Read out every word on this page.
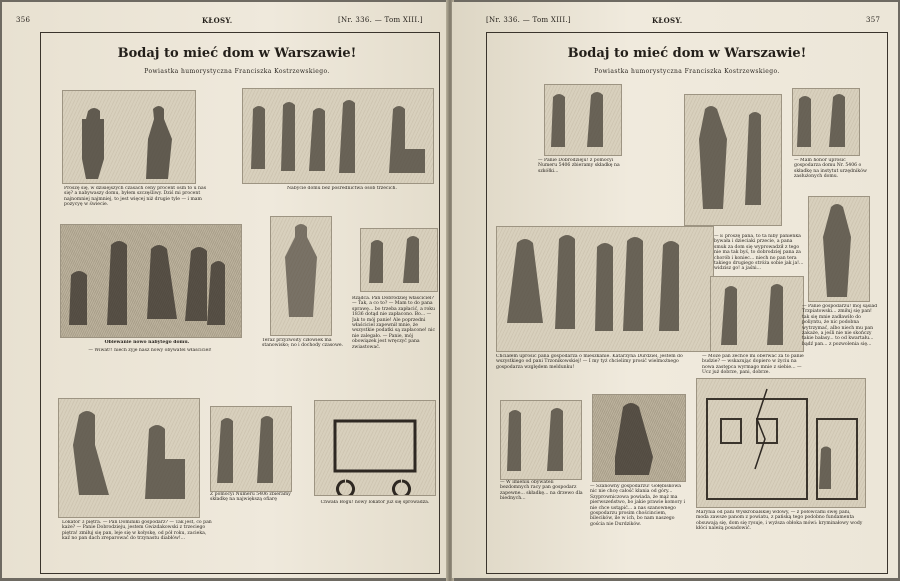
356	KŁOSY.	[Nr. 336. — Tom XIII.]
Bodaj to mieć dom w Warszawie!
Powiastka humorystyczna Franciszka Kostrzewskiego.
Proszę się, w dzisiejszych czasach ceny procent ośm to u nas się? a nabywaszy domu, byłem szczęśliwy. Dziś mi procent najnomniej najmniej, to jest więcej niż drugie tyle — i mam pozycyę w świecie.
Nabycie domu bez pośrednictwa osób trzecich.
Oblewanie nowo nabytego domu.
— Wiwat!! niech żyje nasz nowy obywatel właściciel!
Teraz przyzwoity człowiek ma stanowisko; no i dochody czasowe.
Rządca. Pan Dobrodziej właściciel? — Tak, a co to? — Mam to do pana sprawę... bo trzeba zapłacić, a roku 1836 dotąd nie zapłacono. Bo... — Jak to mój panie! Ale poprzedni właściciel zapewnił mnie, że wszystkie podatki są zapłacone! nic nie zalegało. — Panie, mój obowiązek jest wręczyć pana zwiastować.
Lokator 3 piętra. — Pan Dominiki gospodarz? — Tak jest, co pan każe? — Panie Dobrodzieju, jestem Gwizdakowski z trzeciego piętra! zmiłuj się pan, leje się w kołyskę, od pół roku, zacieka, kaź no pan dach zreparować do trzynastu diabłów!...
Z pomocyi Numeru 5406 zbieramy składkę na największą ofiarę
Chwała Bogu! nowy lokator już się sprowadza.
[Nr. 336. — Tom XIII.]	KŁOSY.	357
Bodaj to mieć dom w Warszawie!
Powiastka humorystyczna Franciszka Kostrzewskiego.
— Panie Dobrodzieju! z pomocyi Numeru 5406 zbieramy składkę na szkółki...
— Mam honor uprosić gospodarza domu Nr. 5406 o składkę na instytut urzędników zasłużonych domu.
Chciałem uprosić pana gospodarza o mieszkanie. Katarzyna Durdziel, jestem do wszystkiego od pani Trzonikowskiej! — I my tyż chcielimy prosić wielmożnego gospodarza względem meldunku!
— E proszę pana, to ta niby panienka bywała i dzieciaki przecie, a pana smuk za dom się wyprowadził z tego nie ma tak byś, to dobrodziej pana za chorób i koniec... niech no pan tera takiego drugiego stróża sobie jak ja!... widzisz go! a jaśni...
— Może pan zechce mi oberwać za to panie budzie? — wskazując dopiero w życiu na nowa zastępca wyrmago mnie z siebie... — Ucz już dobrze, pani, dobrze.
— Panie gospodarzu! mój sąsiad Trzpiatowski... zmiłuj się pan! tak się mnie zadławiło do poliyntu, że nic podobna wytrzymać, albo niech mu pan zakaże, a jeśli nie nie skończy takie bałasy... to od kwartału... bądź pan... z pozwolenia się...
— W imieniu obywateli bezdomnych racy pan gospodarz zapewne... składkę... na drzewo dla biednych...
— Szanowny gospodarzu! Gołębiskowa nic nie chcę całość kłania od góry... Szyprowniczowa powiada, że mąż ma pierwszeństwo, bo jakie prawie komory i nie chce ustąpić... a nas szanownego gospodarzu prosim chościnciem, bilecików, ile w ich, bo nam naszego gościa nie Durdzików.
Marynia od pani Wyskrobalskiej wdowy, — z połowcami swej pani, moda zawsze panom z powiatu, z pańską tego podobno fundamenta obsuwają się, dom się rysuje, i wyższa obłoka mówi: kryminałowy wody kłóci należą posadowić.
